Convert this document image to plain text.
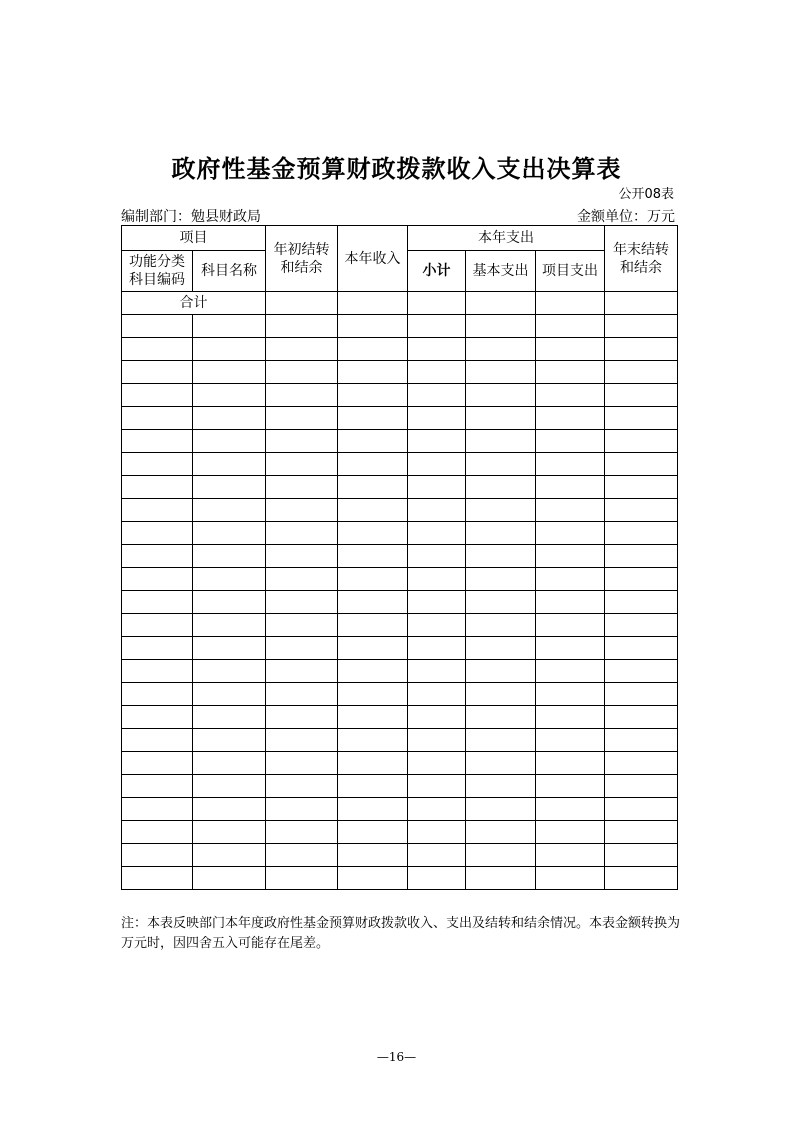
政府性基金预算财政拨款收入支出决算表
公开08表
编制部门：勉县财政局	金额单位：万元
项目		年初结转和结余	本年收入	本年支出			年末结转和结余

功能分类科目编码	科目名称			小计	基本支出	项目支出	
合计							

注：本表反映部门本年度政府性基金预算财政拨款收入、支出及结转和结余情况。本表金额转换为万元时，因四舍五入可能存在尾差。
—16—
